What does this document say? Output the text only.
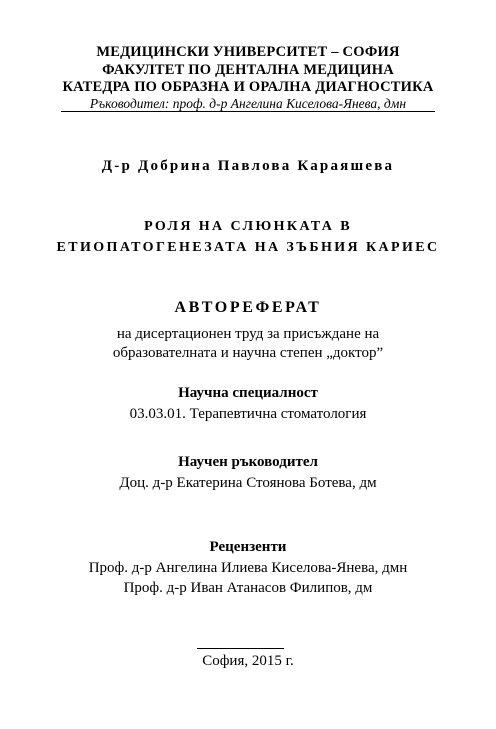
МЕДИЦИНСКИ УНИВЕРСИТЕТ – СОФИЯ
ФАКУЛТЕТ ПО ДЕНТАЛНА МЕДИЦИНА
КАТЕДРА ПО ОБРАЗНА И ОРАЛНА ДИАГНОСТИКА
Ръководител: проф. д-р Ангелина Киселова-Янева, дмн
Д-р Добрина Павлова Караяшева
РОЛЯ НА СЛЮНКАТА В
ЕТИОПАТОГЕНЕЗАТА НА ЗЪБНИЯ КАРИЕС
АВТОРЕФЕРАТ
на дисертационен труд за присъждане на
образователната и научна степен „доктор”
Научна специалност
03.03.01. Терапевтична стоматология
Научен ръководител
Доц. д-р Екатерина Стоянова Ботева, дм
Рецензенти
Проф. д-р Ангелина Илиева Киселова-Янева, дмн
Проф. д-р Иван Атанасов Филипов, дм
София, 2015 г.
